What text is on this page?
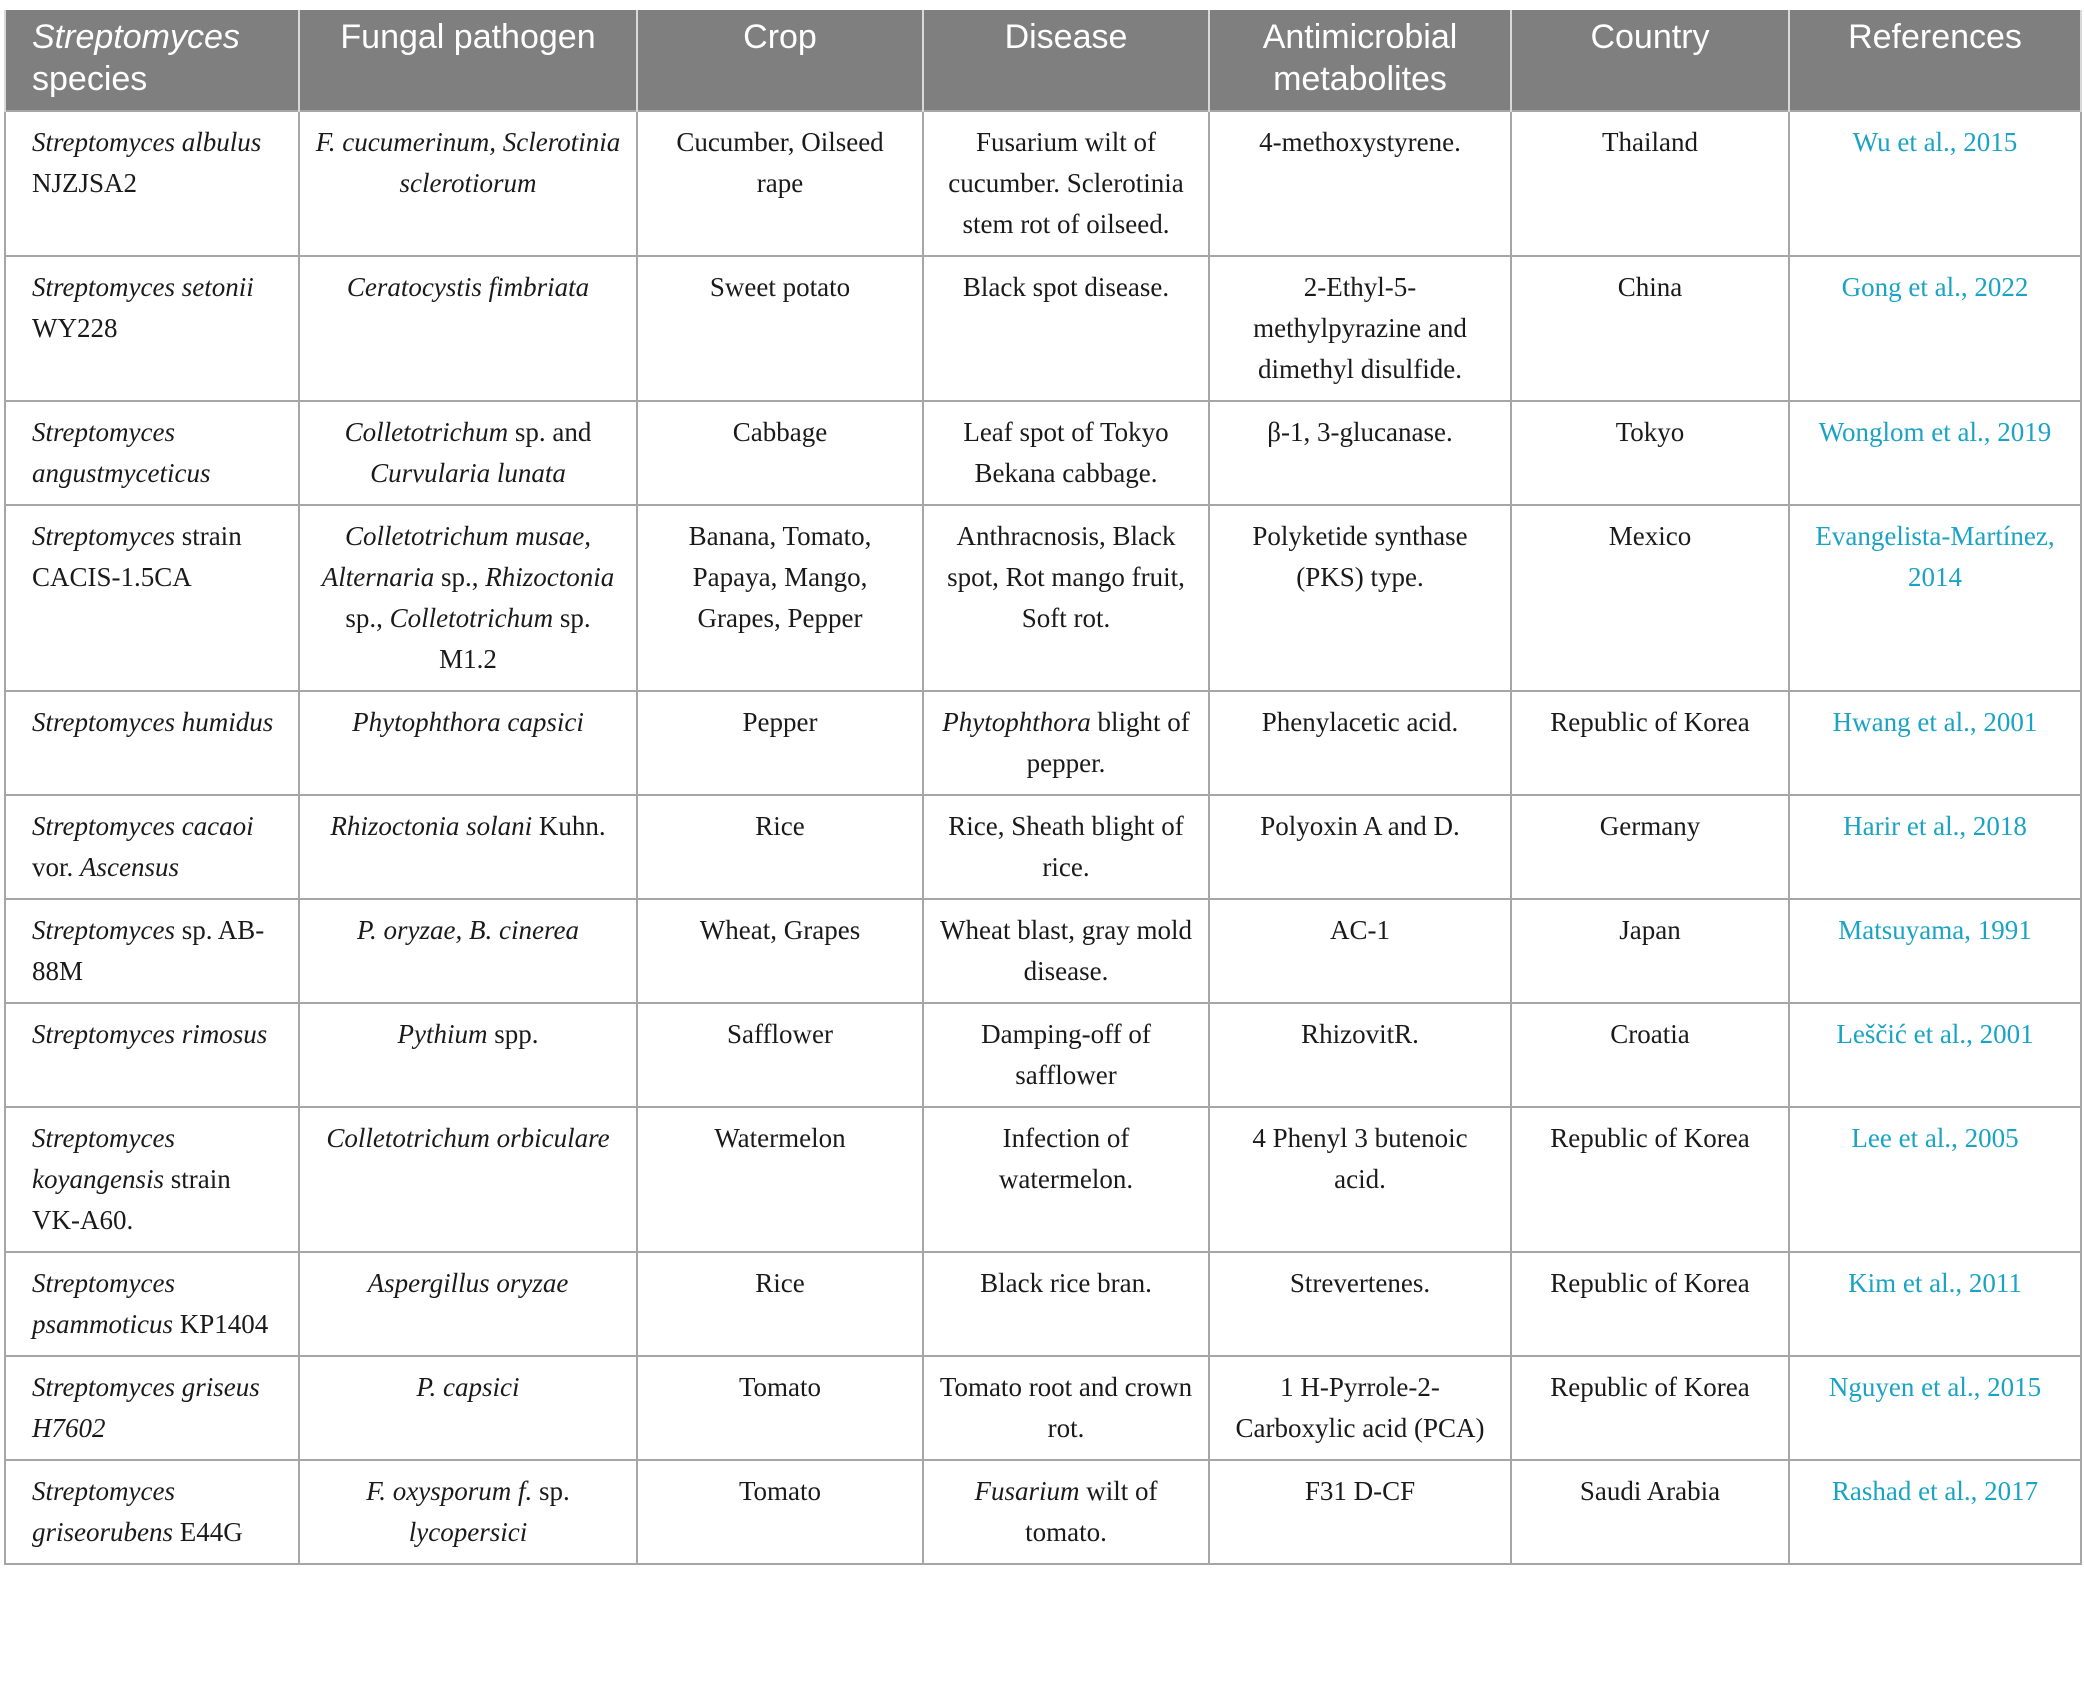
Streptomyces species	Fungal pathogen	Crop	Disease	Antimicrobial metabolites	Country	References
Streptomyces albulus NJZJSA2	F. cucumerinum, Sclerotinia sclerotiorum	Cucumber, Oilseed rape	Fusarium wilt of cucumber. Sclerotinia stem rot of oilseed.	4-methoxystyrene.	Thailand	Wu et al., 2015
Streptomyces setonii WY228	Ceratocystis fimbriata	Sweet potato	Black spot disease.	2-Ethyl-5-methylpyrazine and dimethyl disulfide.	China	Gong et al., 2022
Streptomyces angustmyceticus	Colletotrichum sp. and Curvularia lunata	Cabbage	Leaf spot of Tokyo Bekana cabbage.	β-1, 3-glucanase.	Tokyo	Wonglom et al., 2019
Streptomyces strain CACIS-1.5CA	Colletotrichum musae, Alternaria sp., Rhizoctonia sp., Colletotrichum sp. M1.2	Banana, Tomato, Papaya, Mango, Grapes, Pepper	Anthracnosis, Black spot, Rot mango fruit, Soft rot.	Polyketide synthase (PKS) type.	Mexico	Evangelista-Martínez, 2014
Streptomyces humidus	Phytophthora capsici	Pepper	Phytophthora blight of pepper.	Phenylacetic acid.	Republic of Korea	Hwang et al., 2001
Streptomyces cacaoi vor. Ascensus	Rhizoctonia solani Kuhn.	Rice	Rice, Sheath blight of rice.	Polyoxin A and D.	Germany	Harir et al., 2018
Streptomyces sp. AB-88M	P. oryzae, B. cinerea	Wheat, Grapes	Wheat blast, gray mold disease.	AC-1	Japan	Matsuyama, 1991
Streptomyces rimosus	Pythium spp.	Safflower	Damping-off of safflower	RhizovitR.	Croatia	Leščić et al., 2001
Streptomyces koyangensis strain VK-A60.	Colletotrichum orbiculare	Watermelon	Infection of watermelon.	4 Phenyl 3 butenoic acid.	Republic of Korea	Lee et al., 2005
Streptomyces psammoticus KP1404	Aspergillus oryzae	Rice	Black rice bran.	Strevertenes.	Republic of Korea	Kim et al., 2011
Streptomyces griseus H7602	P. capsici	Tomato	Tomato root and crown rot.	1 H-Pyrrole-2-Carboxylic acid (PCA)	Republic of Korea	Nguyen et al., 2015
Streptomyces griseorubens E44G	F. oxysporum f. sp. lycopersici	Tomato	Fusarium wilt of tomato.	F31 D-CF	Saudi Arabia	Rashad et al., 2017
